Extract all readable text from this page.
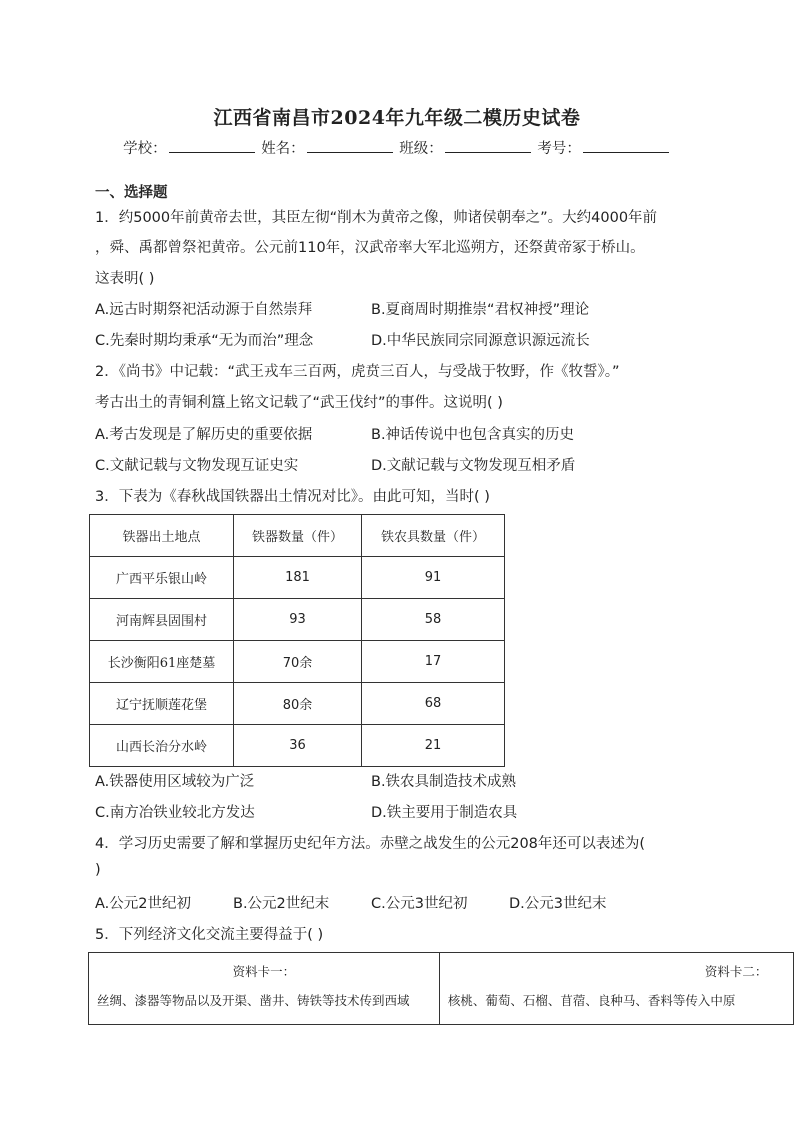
江西省南昌市2024年九年级二模历史试卷
学校：	姓名：	班级：	考号：
一、选择题
1．约5000年前黄帝去世，其臣左彻“削木为黄帝之像，帅诸侯朝奉之”。大约4000年前
，舜、禹都曾祭祀黄帝。公元前110年，汉武帝率大军北巡朔方，还祭黄帝冢于桥山。
这表明( )
A.远古时期祭祀活动源于自然崇拜	B.夏商周时期推崇“君权神授”理论
C.先秦时期均秉承“无为而治”理念	D.中华民族同宗同源意识源远流长
2．《尚书》中记载：“武王戎车三百两，虎贲三百人，与受战于牧野，作《牧誓》。”
考古出土的青铜利簋上铭文记载了“武王伐纣”的事件。这说明( )
A.考古发现是了解历史的重要依据	B.神话传说中也包含真实的历史
C.文献记载与文物发现互证史实	D.文献记载与文物发现互相矛盾
3．下表为《春秋战国铁器出土情况对比》。由此可知，当时( )
铁器出土地点	铁器数量（件）	铁农具数量（件）
广西平乐银山岭	181	91
河南辉县固围村	93	58
长沙衡阳61座楚墓	70余	17
辽宁抚顺莲花堡	80余	68
山西长治分水岭	36	21
A.铁器使用区域较为广泛	B.铁农具制造技术成熟
C.南方冶铁业较北方发达	D.铁主要用于制造农具
4．学习历史需要了解和掌握历史纪年方法。赤壁之战发生的公元208年还可以表述为(
)
A.公元2世纪初	B.公元2世纪末	C.公元3世纪初	D.公元3世纪末
5．下列经济文化交流主要得益于( )
资料卡一：
丝绸、漆器等物品以及开渠、凿井、铸铁等技术传到西域

资料卡二：
核桃、葡萄、石榴、苜蓿、良种马、香料等传入中原
